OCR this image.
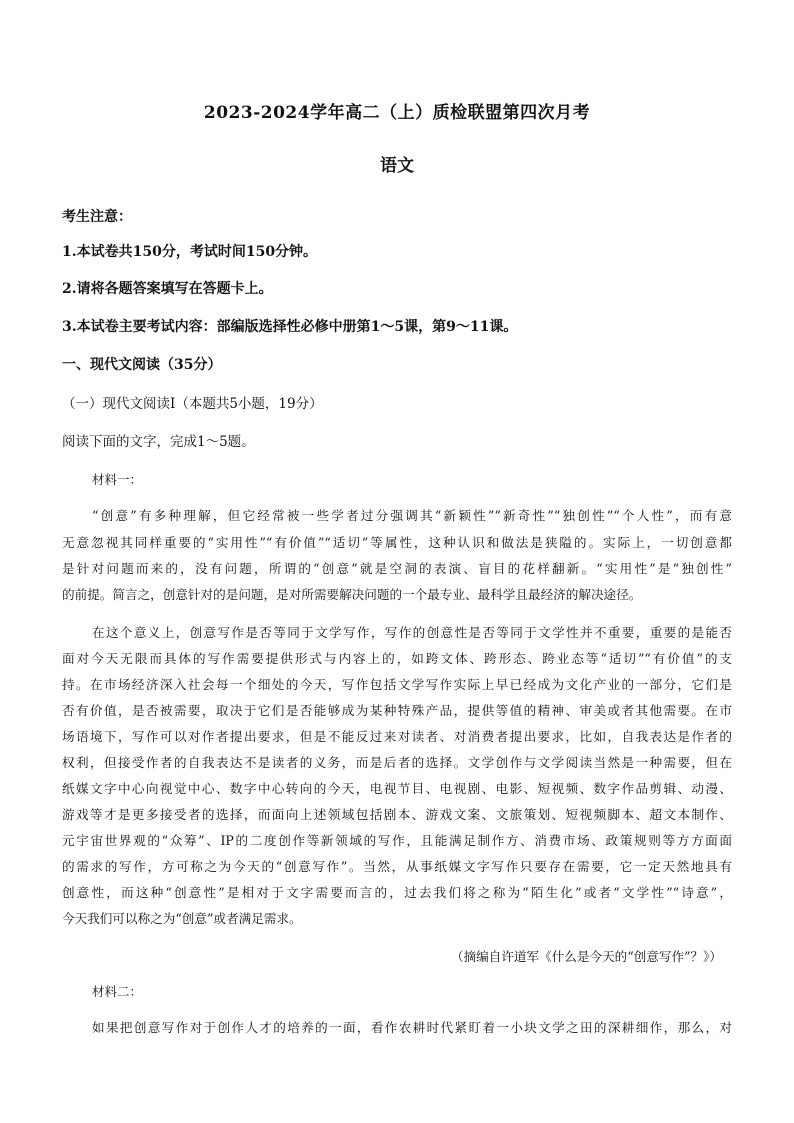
2023-2024学年高二（上）质检联盟第四次月考
语文
考生注意：
1.本试卷共150分，考试时间150分钟。
2.请将各题答案填写在答题卡上。
3.本试卷主要考试内容：部编版选择性必修中册第1～5课，第9～11课。
一、现代文阅读（35分）
（一）现代文阅读Ⅰ（本题共5小题，19分）
阅读下面的文字，完成1～5题。
材料一：
“创意”有多种理解，但它经常被一些学者过分强调其“新颖性”“新奇性”“独创性”“个人性”，而有意
无意忽视其同样重要的“实用性”“有价值”“适切”等属性，这种认识和做法是狭隘的。实际上，一切创意都
是针对问题而来的，没有问题，所谓的“创意”就是空洞的表演、盲目的花样翻新。“实用性”是“独创性”
的前提。简言之，创意针对的是问题，是对所需要解决问题的一个最专业、最科学且最经济的解决途径。
在这个意义上，创意写作是否等同于文学写作，写作的创意性是否等同于文学性并不重要，重要的是能否
面对今天无限而具体的写作需要提供形式与内容上的，如跨文体、跨形态、跨业态等“适切”“有价值”的支
持。在市场经济深入社会每一个细处的今天，写作包括文学写作实际上早已经成为文化产业的一部分，它们是
否有价值，是否被需要，取决于它们是否能够成为某种特殊产品，提供等值的精神、审美或者其他需要。在市
场语境下，写作可以对作者提出要求，但是不能反过来对读者、对消费者提出要求，比如，自我表达是作者的
权利，但接受作者的自我表达不是读者的义务，而是后者的选择。文学创作与文学阅读当然是一种需要，但在
纸媒文字中心向视觉中心、数字中心转向的今天，电视节目、电视剧、电影、短视频、数字作品剪辑、动漫、
游戏等才是更多接受者的选择，而面向上述领域包括剧本、游戏文案、文旅策划、短视频脚本、超文本制作、
元宇宙世界观的“众筹”、IP的二度创作等新领域的写作，且能满足制作方、消费市场、政策规则等方方面面
的需求的写作，方可称之为今天的“创意写作”。当然，从事纸媒文字写作只要存在需要，它一定天然地具有
创意性，而这种“创意性”是相对于文字需要而言的，过去我们将之称为“陌生化”或者“文学性”“诗意”，
今天我们可以称之为“创意”或者满足需求。
（摘编自许道军《什么是今天的“创意写作”？》）
材料二：
如果把创意写作对于创作人才的培养的一面，看作农耕时代紧盯着一小块文学之田的深耕细作，那么，对
